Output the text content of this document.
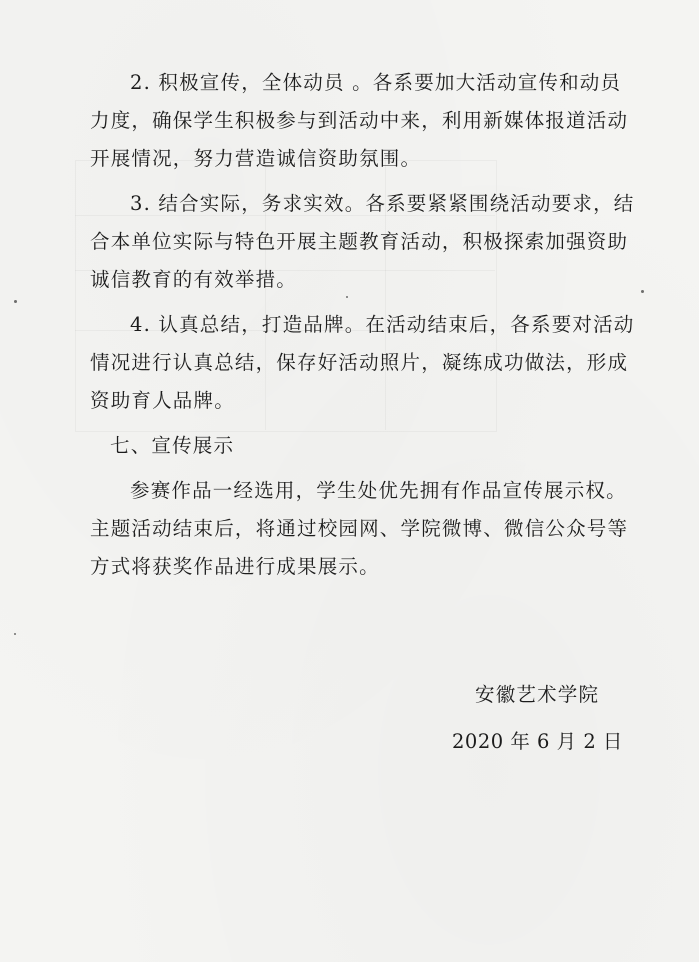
2. 积极宣传，全体动员 。各系要加大活动宣传和动员
力度，确保学生积极参与到活动中来，利用新媒体报道活动
开展情况，努力营造诚信资助氛围。
3. 结合实际，务求实效。各系要紧紧围绕活动要求，结
合本单位实际与特色开展主题教育活动，积极探索加强资助
诚信教育的有效举措。
4. 认真总结，打造品牌。在活动结束后，各系要对活动
情况进行认真总结，保存好活动照片，凝练成功做法，形成
资助育人品牌。
七、宣传展示
参赛作品一经选用，学生处优先拥有作品宣传展示权。
主题活动结束后，将通过校园网、学院微博、微信公众号等
方式将获奖作品进行成果展示。
安徽艺术学院
2020 年 6 月 2 日
